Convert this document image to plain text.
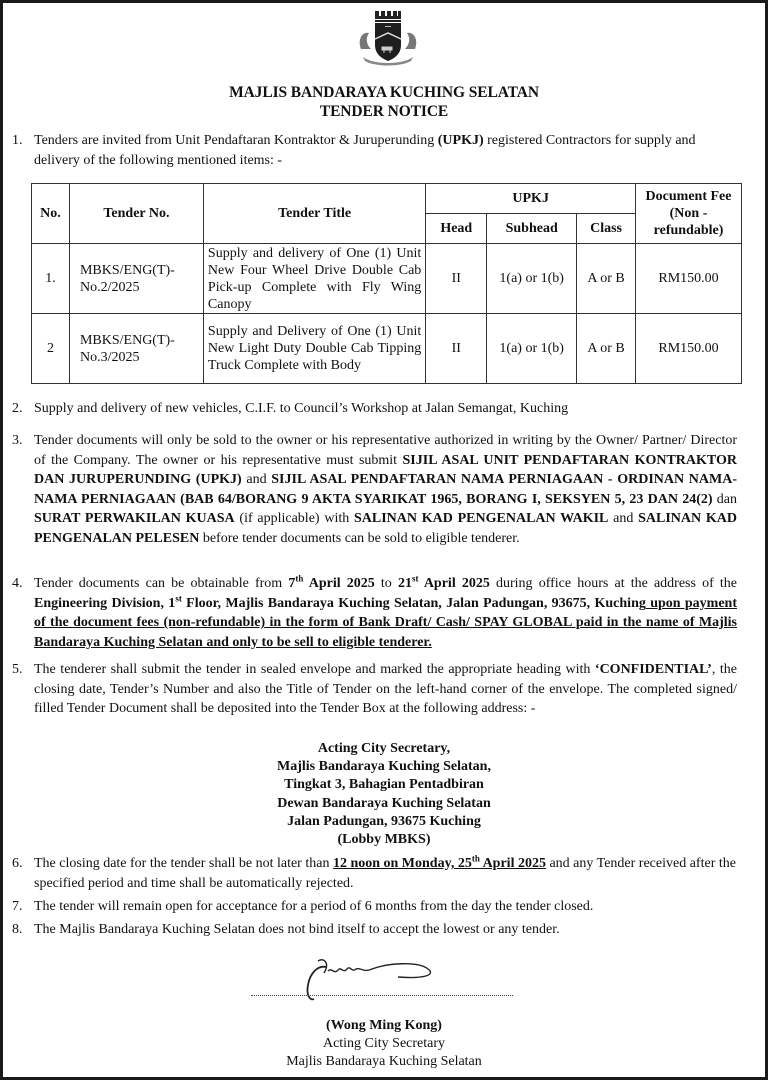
MAJLIS BANDARAYA KUCHING SELATAN
TENDER NOTICE
1. Tenders are invited from Unit Pendaftaran Kontraktor & Juruperunding (UPKJ) registered Contractors for supply and delivery of the following mentioned items: -
No.	Tender No.	Tender Title	UPKJ			Document Fee (Non - refundable)
			Head	Subhead	Class	
1.	MBKS/ENG(T)-No.2/2025	Supply and delivery of One (1) Unit New Four Wheel Drive Double Cab Pick-up Complete with Fly Wing Canopy	II	1(a) or 1(b)	A or B	RM150.00
2	MBKS/ENG(T)-No.3/2025	Supply and Delivery of One (1) Unit New Light Duty Double Cab Tipping Truck Complete with Body	II	1(a) or 1(b)	A or B	RM150.00
2. Supply and delivery of new vehicles, C.I.F. to Council’s Workshop at Jalan Semangat, Kuching
3. Tender documents will only be sold to the owner or his representative authorized in writing by the Owner/ Partner/ Director of the Company. The owner or his representative must submit SIJIL ASAL UNIT PENDAFTARAN KONTRAKTOR DAN JURUPERUNDING (UPKJ) and SIJIL ASAL PENDAFTARAN NAMA PERNIAGAAN - ORDINAN NAMA-NAMA PERNIAGAAN (BAB 64/BORANG 9 AKTA SYARIKAT 1965, BORANG I, SEKSYEN 5, 23 DAN 24(2) dan SURAT PERWAKILAN KUASA (if applicable) with SALINAN KAD PENGENALAN WAKIL and SALINAN KAD PENGENALAN PELESEN before tender documents can be sold to eligible tenderer.
4. Tender documents can be obtainable from 7th April 2025 to 21st April 2025 during office hours at the address of the Engineering Division, 1st Floor, Majlis Bandaraya Kuching Selatan, Jalan Padungan, 93675, Kuching upon payment of the document fees (non-refundable) in the form of Bank Draft/ Cash/ SPAY GLOBAL paid in the name of Majlis Bandaraya Kuching Selatan and only to be sell to eligible tenderer.
5. The tenderer shall submit the tender in sealed envelope and marked the appropriate heading with ‘CONFIDENTIAL’, the closing date, Tender’s Number and also the Title of Tender on the left-hand corner of the envelope. The completed signed/ filled Tender Document shall be deposited into the Tender Box at the following address: -
Acting City Secretary,
Majlis Bandaraya Kuching Selatan,
Tingkat 3, Bahagian Pentadbiran
Dewan Bandaraya Kuching Selatan
Jalan Padungan, 93675 Kuching
(Lobby MBKS)
6. The closing date for the tender shall be not later than 12 noon on Monday, 25th April 2025 and any Tender received after the specified period and time shall be automatically rejected.
7. The tender will remain open for acceptance for a period of 6 months from the day the tender closed.
8. The Majlis Bandaraya Kuching Selatan does not bind itself to accept the lowest or any tender.
(Wong Ming Kong)
Acting City Secretary
Majlis Bandaraya Kuching Selatan
